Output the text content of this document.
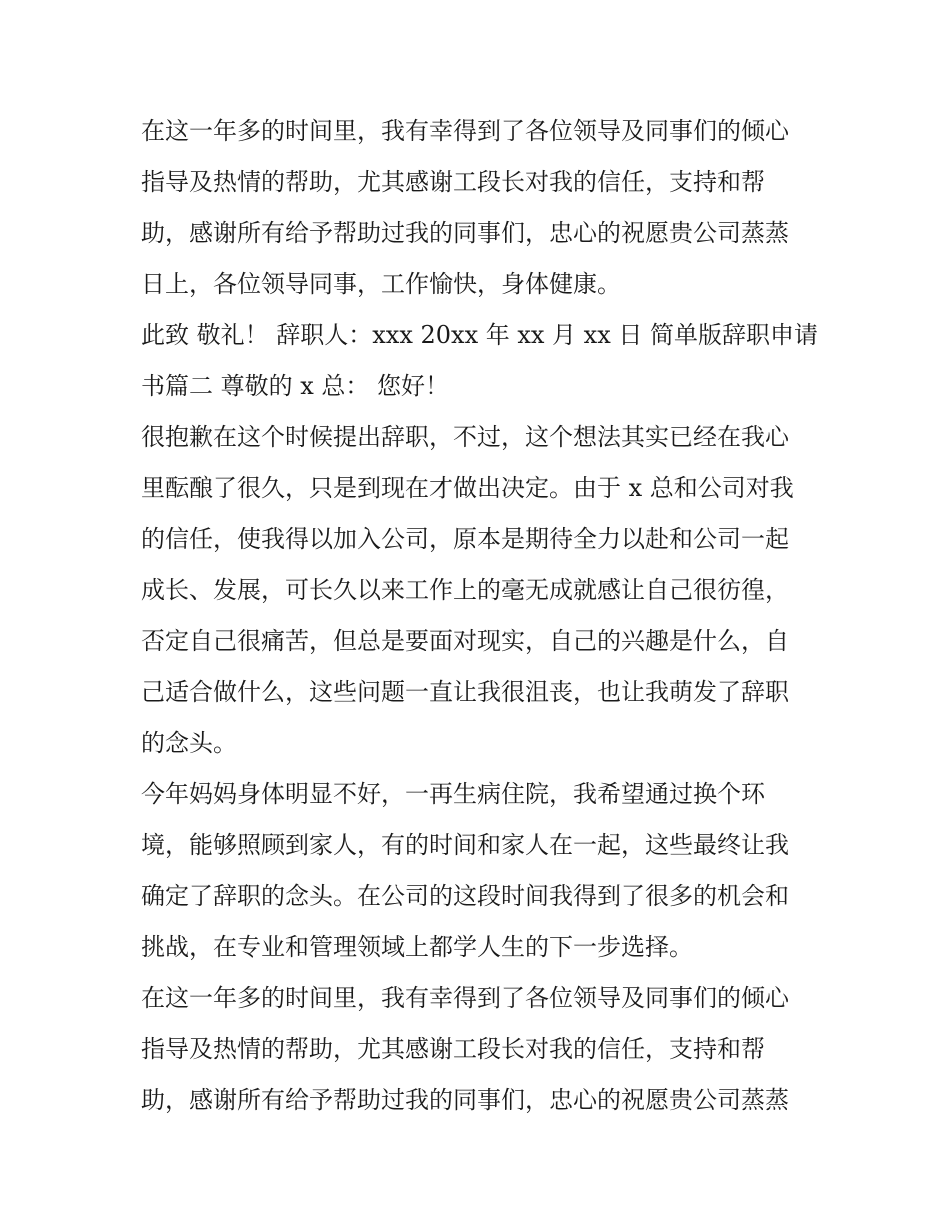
在这一年多的时间里，我有幸得到了各位领导及同事们的倾心
指导及热情的帮助，尤其感谢工段长对我的信任，支持和帮
助，感谢所有给予帮助过我的同事们，忠心的祝愿贵公司蒸蒸
日上，各位领导同事，工作愉快，身体健康。
此致 敬礼！ 辞职人：xxx 20xx 年 xx 月 xx 日 简单版辞职申请
书篇二 尊敬的 x 总： 您好！
很抱歉在这个时候提出辞职，不过，这个想法其实已经在我心
里酝酿了很久，只是到现在才做出决定。由于 x 总和公司对我
的信任，使我得以加入公司，原本是期待全力以赴和公司一起
成长、发展，可长久以来工作上的毫无成就感让自己很彷徨，
否定自己很痛苦，但总是要面对现实，自己的兴趣是什么，自
己适合做什么，这些问题一直让我很沮丧，也让我萌发了辞职
的念头。
今年妈妈身体明显不好，一再生病住院，我希望通过换个环
境，能够照顾到家人，有的时间和家人在一起，这些最终让我
确定了辞职的念头。在公司的这段时间我得到了很多的机会和
挑战，在专业和管理领域上都学人生的下一步选择。
在这一年多的时间里，我有幸得到了各位领导及同事们的倾心
指导及热情的帮助，尤其感谢工段长对我的信任，支持和帮
助，感谢所有给予帮助过我的同事们，忠心的祝愿贵公司蒸蒸
